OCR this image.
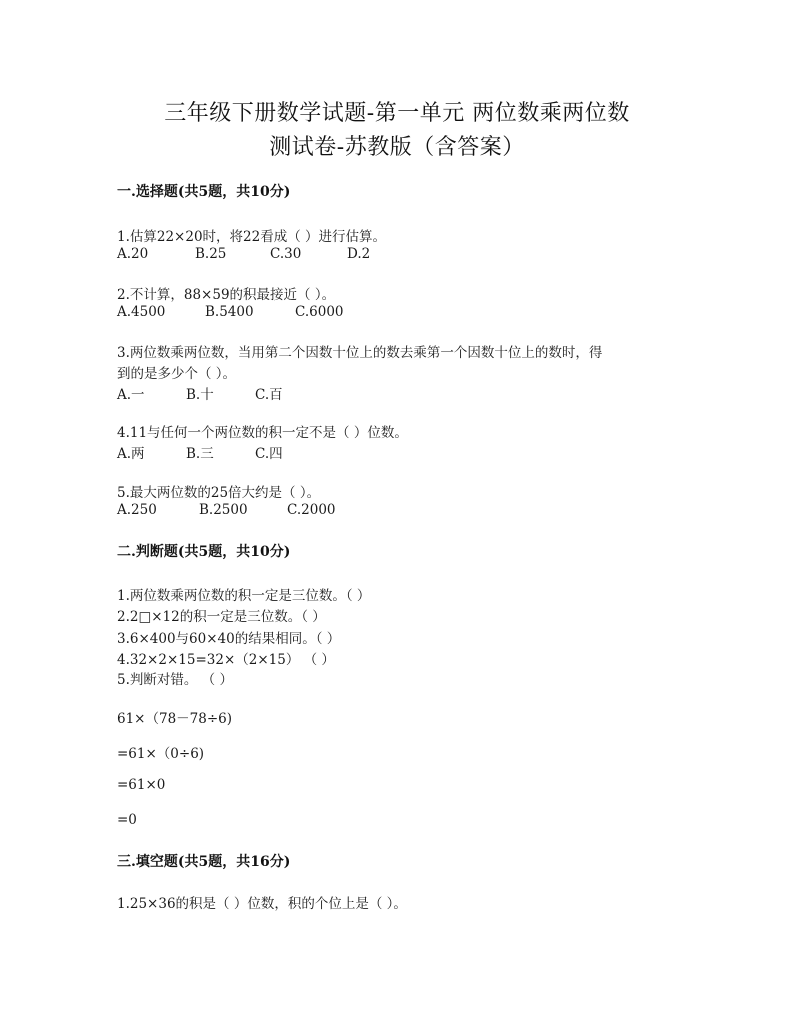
三年级下册数学试题-第一单元 两位数乘两位数
测试卷-苏教版（含答案）
一.选择题(共5题，共10分)
1.估算22×20时，将22看成（ ）进行估算。
A.20	B.25	C.30	D.2
2.不计算，88×59的积最接近（ ）。
A.4500	B.5400	C.6000
3.两位数乘两位数，当用第二个因数十位上的数去乘第一个因数十位上的数时，得
到的是多少个（ ）。
A.一	B.十	C.百
4.11与任何一个两位数的积一定不是（ ）位数。
A.两	B.三	C.四
5.最大两位数的25倍大约是（ ）。
A.250	B.2500	C.2000
二.判断题(共5题，共10分)
1.两位数乘两位数的积一定是三位数。（ ）
2.2□×12的积一定是三位数。（ ）
3.6×400与60×40的结果相同。（ ）
4.32×2×15=32×（2×15） （ ）
5.判断对错。 （ ）
61×（78－78÷6)
=61×（0÷6)
=61×0
=0
三.填空题(共5题，共16分)
1.25×36的积是（ ）位数，积的个位上是（ ）。
